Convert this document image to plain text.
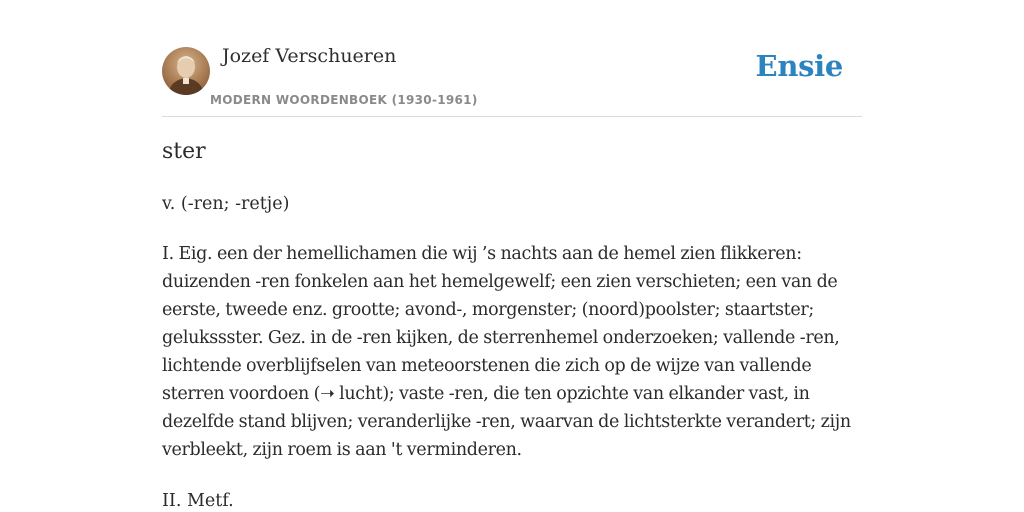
Jozef Verschueren
MODERN WOORDENBOEK (1930-1961)
Ensie
ster
v. (-ren; -retje)
I. Eig. een der hemellichamen die wij ’s nachts aan de hemel zien flikkeren:
duizenden -ren fonkelen aan het hemelgewelf; een zien verschieten; een van de
eerste, tweede enz. grootte; avond-, morgenster; (noord)poolster; staartster;
gelukssster. Gez. in de -ren kijken, de sterrenhemel onderzoeken; vallende -ren,
lichtende overblijfselen van meteoorstenen die zich op de wijze van vallende
sterren voordoen (➝ lucht); vaste -ren, die ten opzichte van elkander vast, in
dezelfde stand blijven; veranderlijke -ren, waarvan de lichtsterkte verandert; zijn
verbleekt, zijn roem is aan 't verminderen.
II. Metf.
